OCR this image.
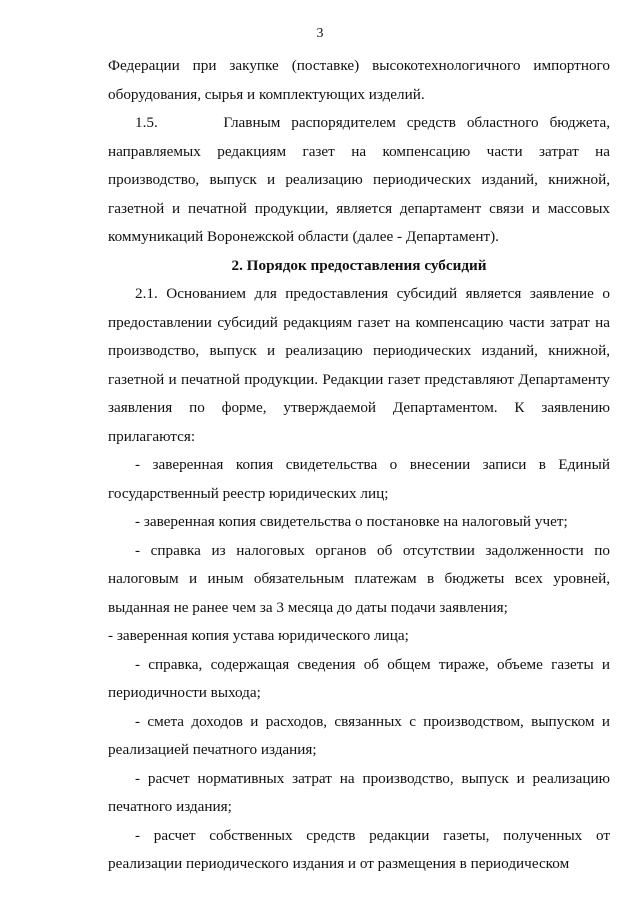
3

Федерации при закупке (поставке) высокотехнологичного импортного оборудования, сырья и комплектующих изделий.

1.5.      Главным распорядителем средств областного бюджета, направляемых редакциям газет на компенсацию части затрат на производство, выпуск и реализацию периодических изданий, книжной, газетной и печатной продукции, является департамент связи и массовых коммуникаций Воронежской области (далее - Департамент).

2. Порядок предоставления субсидий

2.1. Основанием для предоставления субсидий является заявление о предоставлении субсидий редакциям газет на компенсацию части затрат на производство, выпуск и реализацию периодических изданий, книжной, газетной и печатной продукции. Редакции газет представляют Департаменту заявления по форме, утверждаемой Департаментом. К заявлению прилагаются:

- заверенная копия свидетельства о внесении записи в Единый государственный реестр юридических лиц;

- заверенная копия свидетельства о постановке на налоговый учет;

- справка из налоговых органов об отсутствии задолженности по налоговым и иным обязательным платежам в бюджеты всех уровней, выданная не ранее чем за 3 месяца до даты подачи заявления;

- заверенная копия устава юридического лица;

- справка, содержащая сведения об общем тираже, объеме газеты и периодичности выхода;

- смета доходов и расходов, связанных с производством, выпуском и реализацией печатного издания;

- расчет нормативных затрат на производство, выпуск и реализацию печатного издания;

- расчет собственных средств редакции газеты, полученных от реализации периодического издания и от размещения в периодическом
